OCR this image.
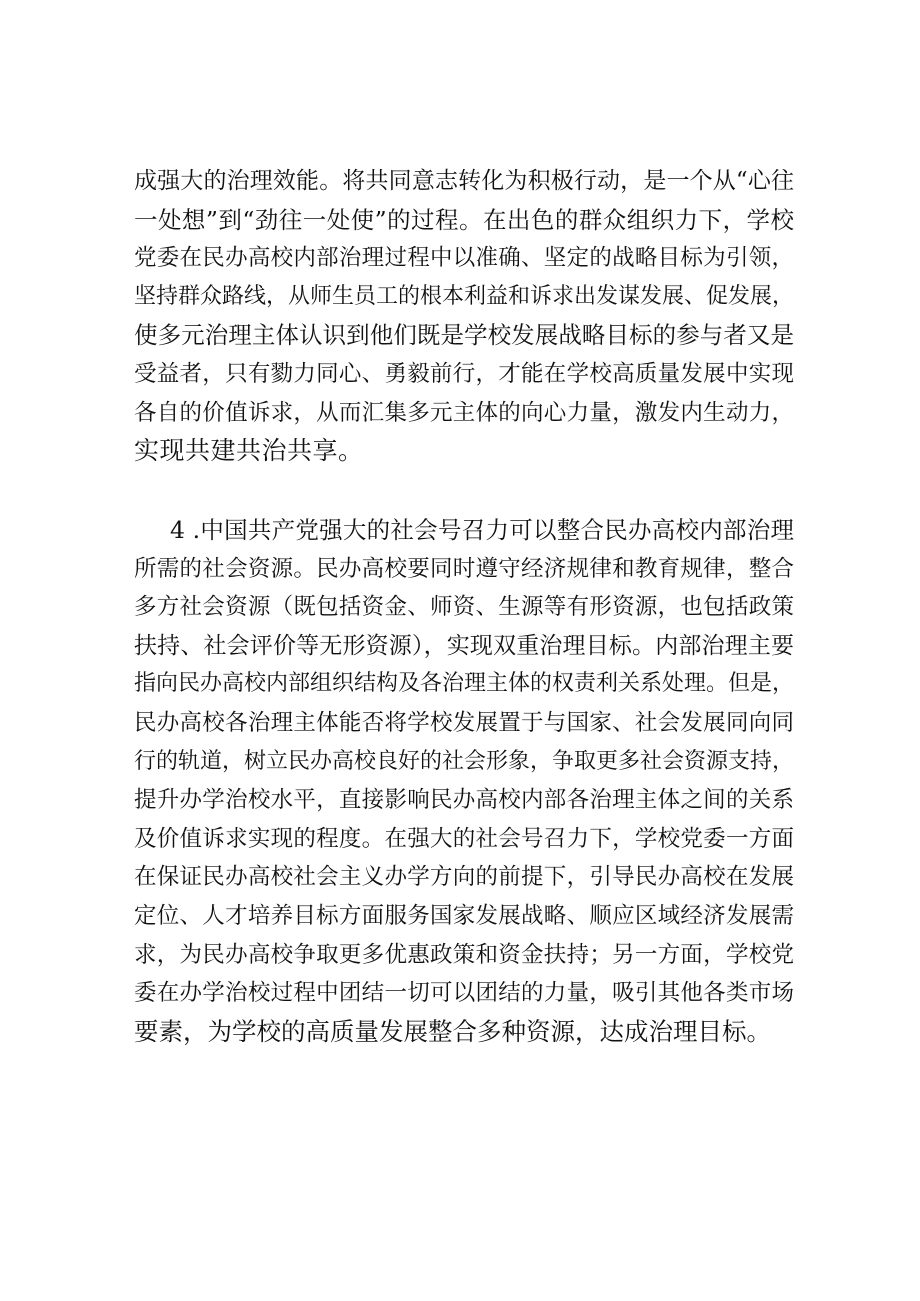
成强大的治理效能。将共同意志转化为积极行动，是一个从“心往
一处想”到“劲往一处使”的过程。在出色的群众组织力下，学校
党委在民办高校内部治理过程中以准确、坚定的战略目标为引领，
坚持群众路线，从师生员工的根本利益和诉求出发谋发展、促发展，
使多元治理主体认识到他们既是学校发展战略目标的参与者又是
受益者，只有勠力同心、勇毅前行，才能在学校高质量发展中实现
各自的价值诉求，从而汇集多元主体的向心力量，激发内生动力，
实现共建共治共享。
4 .中国共产党强大的社会号召力可以整合民办高校内部治理
所需的社会资源。民办高校要同时遵守经济规律和教育规律，整合
多方社会资源（既包括资金、师资、生源等有形资源，也包括政策
扶持、社会评价等无形资源），实现双重治理目标。内部治理主要
指向民办高校内部组织结构及各治理主体的权责利关系处理。但是，
民办高校各治理主体能否将学校发展置于与国家、社会发展同向同
行的轨道，树立民办高校良好的社会形象，争取更多社会资源支持，
提升办学治校水平，直接影响民办高校内部各治理主体之间的关系
及价值诉求实现的程度。在强大的社会号召力下，学校党委一方面
在保证民办高校社会主义办学方向的前提下，引导民办高校在发展
定位、人才培养目标方面服务国家发展战略、顺应区域经济发展需
求，为民办高校争取更多优惠政策和资金扶持；另一方面，学校党
委在办学治校过程中团结一切可以团结的力量，吸引其他各类市场
要素，为学校的高质量发展整合多种资源，达成治理目标。
